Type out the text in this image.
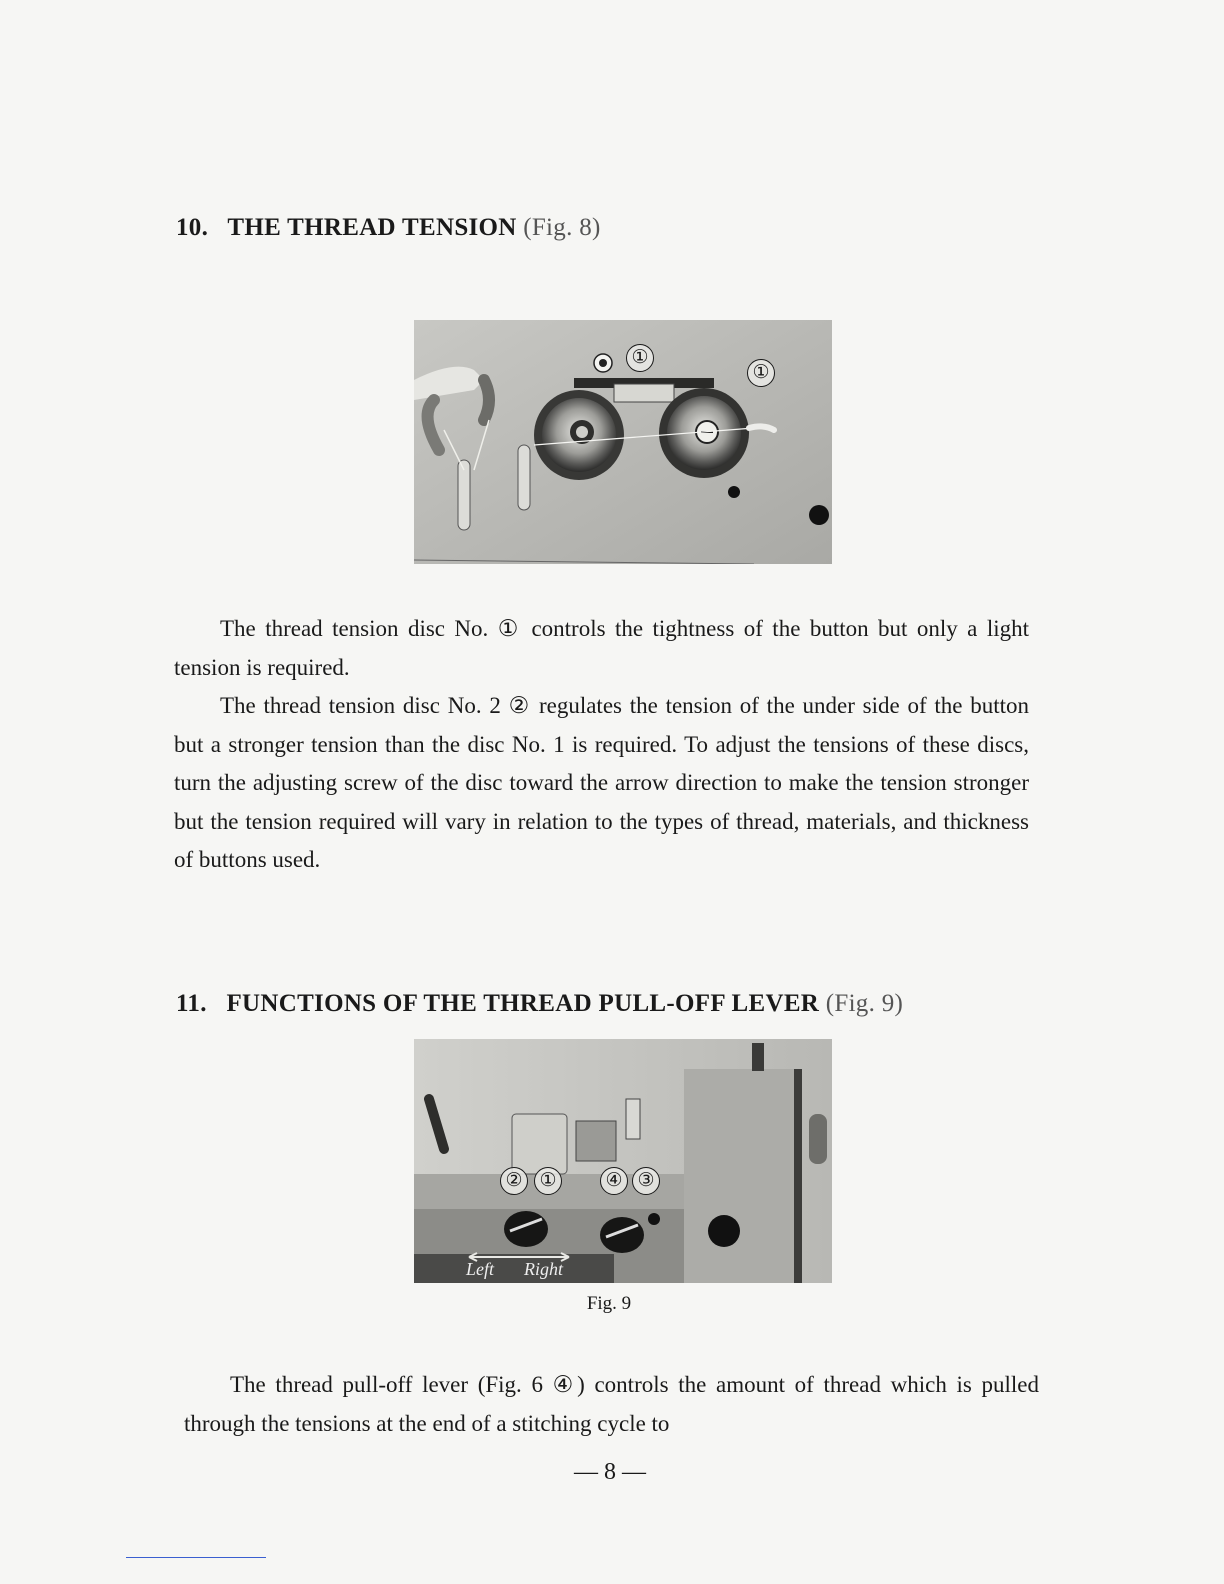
10. THE THREAD TENSION (Fig. 8)
①
①

The thread tension disc No. ① controls the tightness of the button but only a light tension is required.

The thread tension disc No. 2 ② regulates the tension of the under side of the button but a stronger tension than the disc No. 1 is required. To adjust the tensions of these discs, turn the adjusting screw of the disc toward the arrow direction to make the tension stronger but the tension required will vary in relation to the types of thread, materials, and thickness of buttons used.

11. FUNCTIONS OF THE THREAD PULL-OFF LEVER (Fig. 9)
② ①	④ ③
Left Right
Fig. 9

The thread pull-off lever (Fig. 6 ④) controls the amount of thread which is pulled through the tensions at the end of a stitching cycle to

— 8 —
